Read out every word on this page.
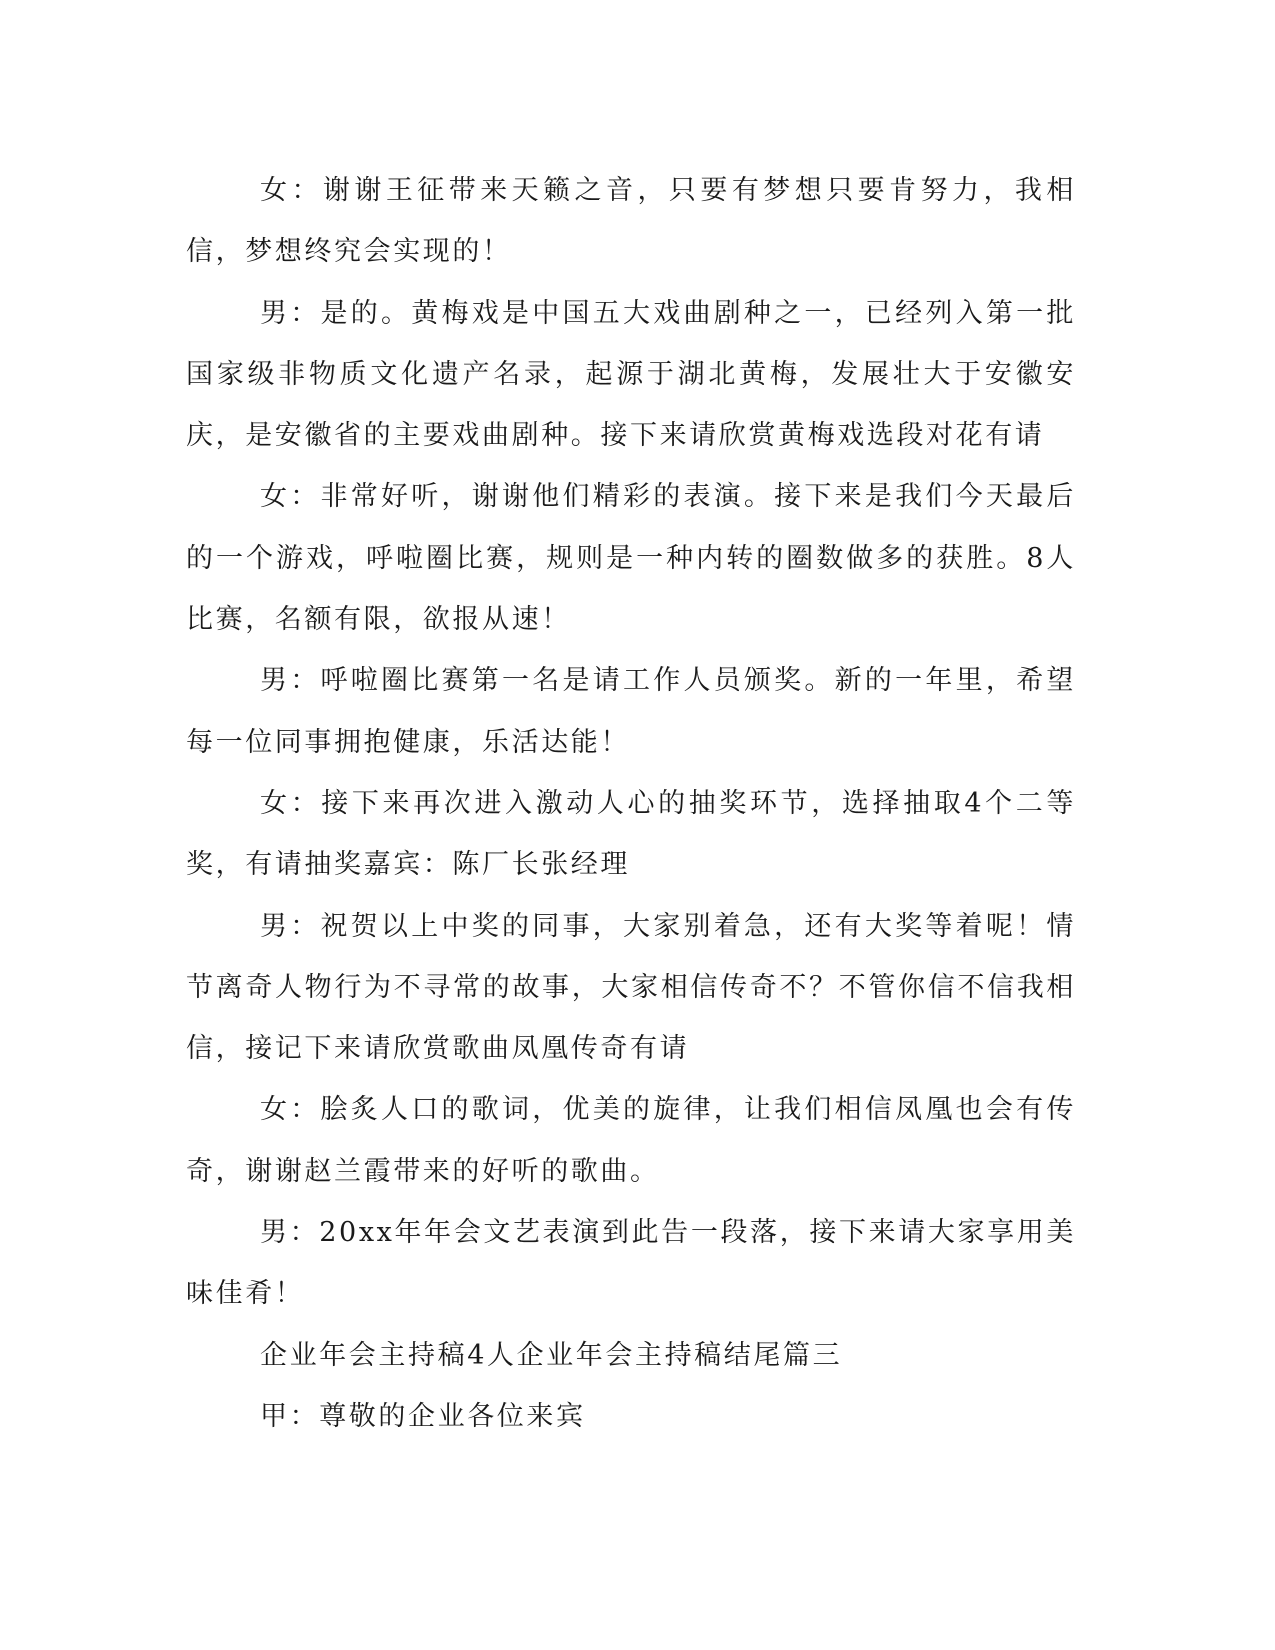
女：谢谢王征带来天籁之音，只要有梦想只要肯努力，我相信，梦想终究会实现的！

男：是的。黄梅戏是中国五大戏曲剧种之一，已经列入第一批国家级非物质文化遗产名录，起源于湖北黄梅，发展壮大于安徽安庆，是安徽省的主要戏曲剧种。接下来请欣赏黄梅戏选段对花有请

女：非常好听，谢谢他们精彩的表演。接下来是我们今天最后的一个游戏，呼啦圈比赛，规则是一种内转的圈数做多的获胜。8人比赛，名额有限，欲报从速！

男：呼啦圈比赛第一名是请工作人员颁奖。新的一年里，希望每一位同事拥抱健康，乐活达能！

女：接下来再次进入激动人心的抽奖环节，选择抽取4个二等奖，有请抽奖嘉宾：陈厂长张经理

男：祝贺以上中奖的同事，大家别着急，还有大奖等着呢！情节离奇人物行为不寻常的故事，大家相信传奇不？不管你信不信我相信，接记下来请欣赏歌曲凤凰传奇有请

女：脍炙人口的歌词，优美的旋律，让我们相信凤凰也会有传奇，谢谢赵兰霞带来的好听的歌曲。

男：20xx年年会文艺表演到此告一段落，接下来请大家享用美味佳肴！

企业年会主持稿4人企业年会主持稿结尾篇三

甲：尊敬的企业各位来宾
